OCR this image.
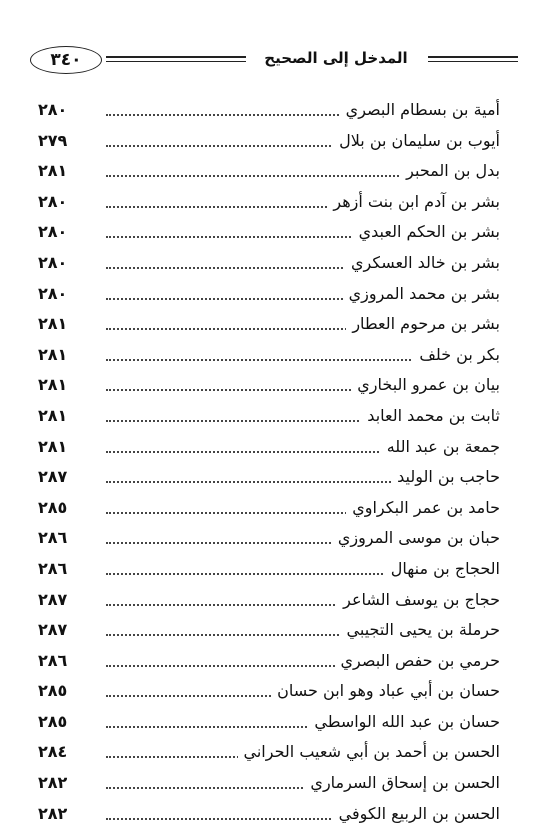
٣٤٠	المدخل إلى الصحيح
أمية بن بسطام البصري
٢٨٠
أيوب بن سليمان بن بلال
٢٧٩
بدل بن المحبر
٢٨١
بشر بن آدم ابن بنت أزهر
٢٨٠
بشر بن الحكم العبدي
٢٨٠
بشر بن خالد العسكري
٢٨٠
بشر بن محمد المروزي
٢٨٠
بشر بن مرحوم العطار
٢٨١
بكر بن خلف
٢٨١
بيان بن عمرو البخاري
٢٨١
ثابت بن محمد العابد
٢٨١
جمعة بن عبد الله
٢٨١
حاجب بن الوليد
٢٨٧
حامد بن عمر البكراوي
٢٨٥
حبان بن موسى المروزي
٢٨٦
الحجاج بن منهال
٢٨٦
حجاج بن يوسف الشاعر
٢٨٧
حرملة بن يحيى التجيبي
٢٨٧
حرمي بن حفص البصري
٢٨٦
حسان بن أبي عباد وهو ابن حسان
٢٨٥
حسان بن عبد الله الواسطي
٢٨٥
الحسن بن أحمد بن أبي شعيب الحراني
٢٨٤
الحسن بن إسحاق السرماري
٢٨٢
الحسن بن الربيع الكوفي
٢٨٢
